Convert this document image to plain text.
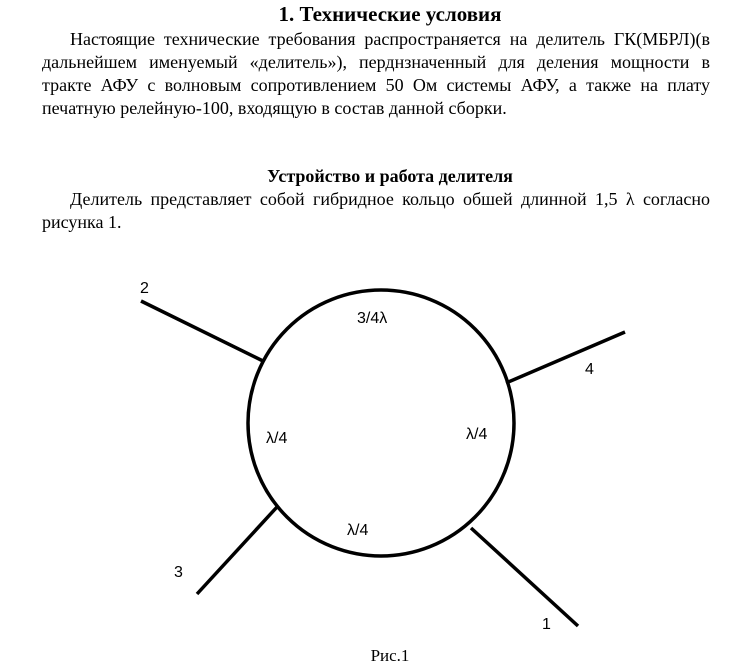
1. Технические условия

Настоящие технические требования распространяется на делитель ГК(МБРЛ)(в дальнейшем именуемый «делитель»), перднзначенный для деления мощности в тракте АФУ с волновым сопротивлением 50 Ом системы АФУ, а также на плату печатную релейную-100, входящую в состав данной сборки.

Устройство и работа делителя

Делитель представляет собой гибридное кольцо обшей длинной 1,5 λ согласно рисунка 1.

2
4
3
1
3/4λ
λ/4	λ/4
λ/4

Рис.1
